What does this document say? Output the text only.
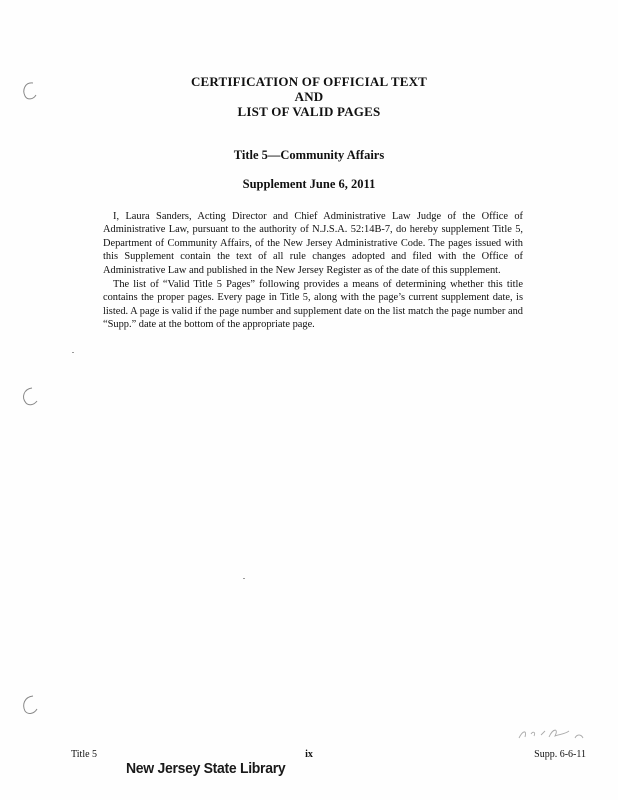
CERTIFICATION OF OFFICIAL TEXT
AND
LIST OF VALID PAGES
Title 5—Community Affairs
Supplement June 6, 2011

I, Laura Sanders, Acting Director and Chief Administrative Law Judge of the Office of Administrative Law, pursuant to the authority of N.J.S.A. 52:14B-7, do hereby supplement Title 5, Department of Community Affairs, of the New Jersey Administrative Code. The pages issued with this Supplement contain the text of all rule changes adopted and filed with the Office of Administrative Law and published in the New Jersey Register as of the date of this supplement.

The list of “Valid Title 5 Pages” following provides a means of determining whether this title contains the proper pages. Every page in Title 5, along with the page’s current supplement date, is listed. A page is valid if the page number and supplement date on the list match the page number and “Supp.” date at the bottom of the appropriate page.

Title 5	ix	Supp. 6-6-11
New Jersey State Library
